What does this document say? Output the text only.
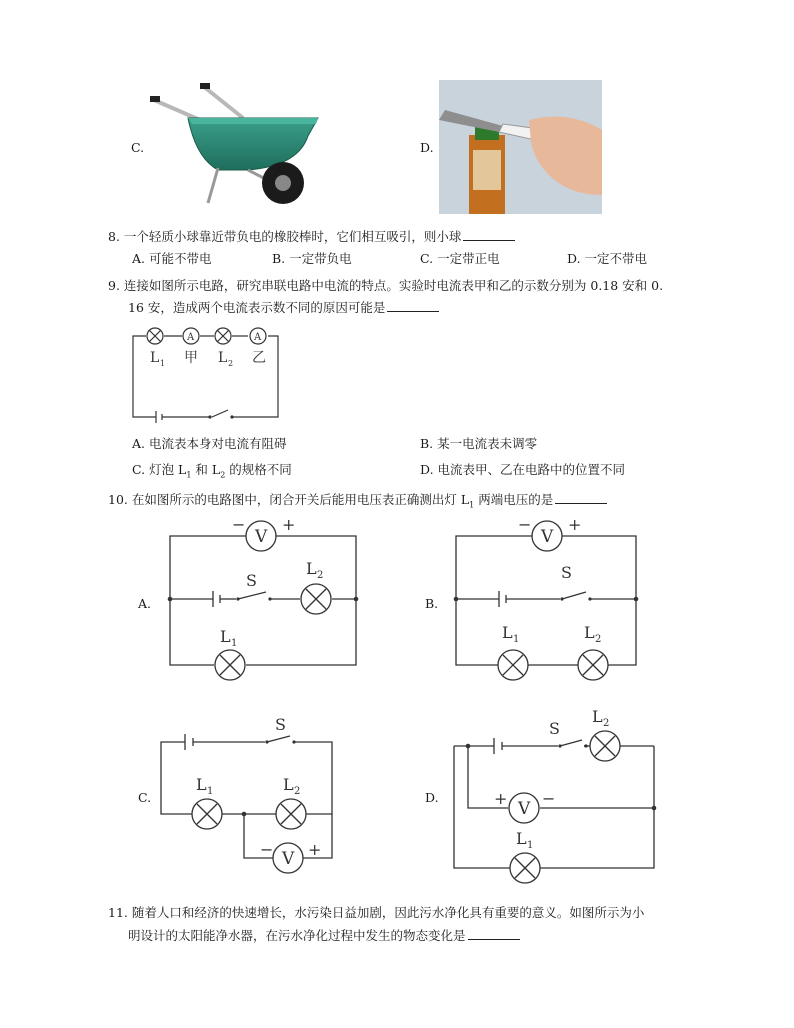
C.	D.
8. 一个轻质小球靠近带负电的橡胶棒时，它们相互吸引，则小球
A. 可能不带电	B. 一定带负电	C. 一定带正电	D. 一定不带电
9. 连接如图所示电路，研究串联电路中电流的特点。实验时电流表甲和乙的示数分别为 0.18 安和 0.
16 安，造成两个电流表示数不同的原因可能是
A	A
L 1 甲 L 2 乙
A. 电流表本身对电流有阻碍	B. 某一电流表未调零
C. 灯泡 $L_1$ 和 $L_2$ 的规格不同	D. 电流表甲、乙在电路中的位置不同
10. 在如图所示的电路图中，闭合开关后能用电压表正确测出灯 $L_1$ 两端电压的是
A.
V
− +
S
L 2
L 1
B.
V
− +
S
L 1	L 2
C.
V
− +
S
L 1	L 2	D.
V
+ −
S
L 2
L 1
11. 随着人口和经济的快速增长，水污染日益加剧，因此污水净化具有重要的意义。如图所示为小
明设计的太阳能净水器，在污水净化过程中发生的物态变化是
